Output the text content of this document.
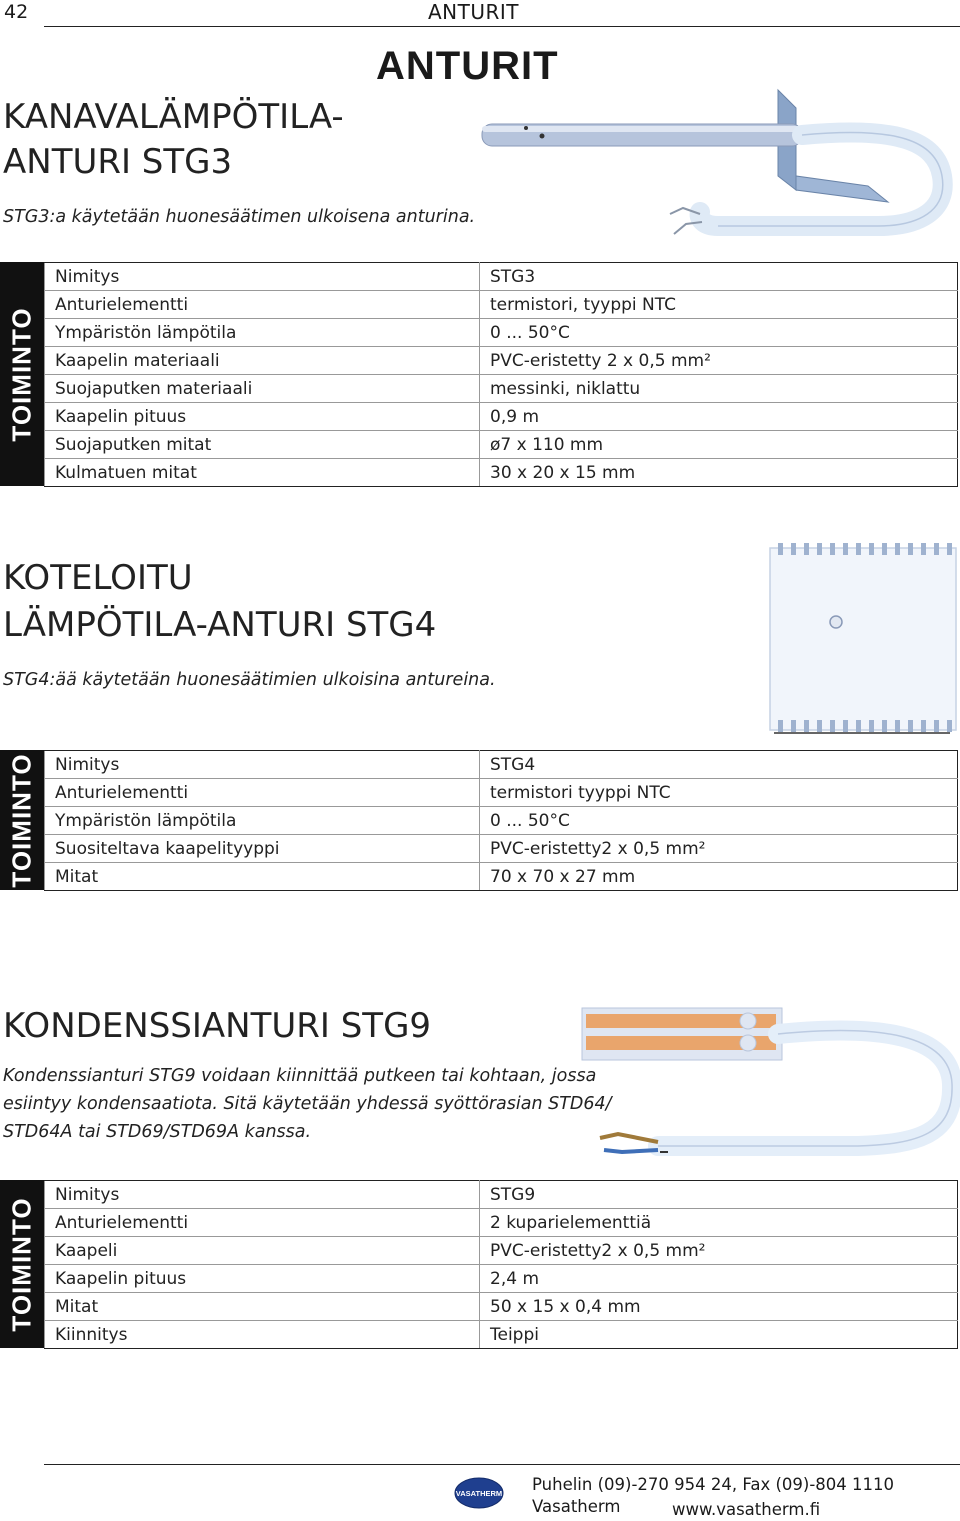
42	ANTURIT
ANTURIT
KANAVALÄMPÖTILA-
ANTURI STG3
STG3:a käytetään huonesäätimen ulkoisena anturina.
TOIMINTO
Nimitys	STG3
Anturielementti	termistori, tyyppi NTC
Ympäristön lämpötila	0 ... 50°C
Kaapelin materiaali	PVC-eristetty 2 x 0,5 mm²
Suojaputken materiaali	messinki, niklattu
Kaapelin pituus	0,9 m
Suojaputken mitat	ø7 x 110 mm
Kulmatuen mitat	30 x 20 x 15 mm
KOTELOITU
LÄMPÖTILA-ANTURI STG4
STG4:ää käytetään huonesäätimien ulkoisina antureina.
TOIMINTO Nimitys	STG4
Anturielementti	termistori tyyppi NTC
Ympäristön lämpötila	0 ... 50°C
Suositeltava kaapelityyppi	PVC-eristetty2 x 0,5 mm²
Mitat	70 x 70 x 27 mm
KONDENSSIANTURI STG9
Kondenssianturi STG9 voidaan kiinnittää putkeen tai kohtaan, jossa
esiintyy kondensaatiota. Sitä käytetään yhdessä syöttörasian STD64/
STD64A tai STD69/STD69A kanssa.
TOIMINTO
Nimitys	STG9
Anturielementti	2 kuparielementtiä
Kaapeli	PVC-eristetty2 x 0,5 mm²
Kaapelin pituus	2,4 m
Mitat	50 x 15 x 0,4 mm
Kiinnitys	Teippi
VASATHERM Puhelin (09)-270 954 24, Fax (09)-804 1110 Vasatherm	www.vasatherm.fi
